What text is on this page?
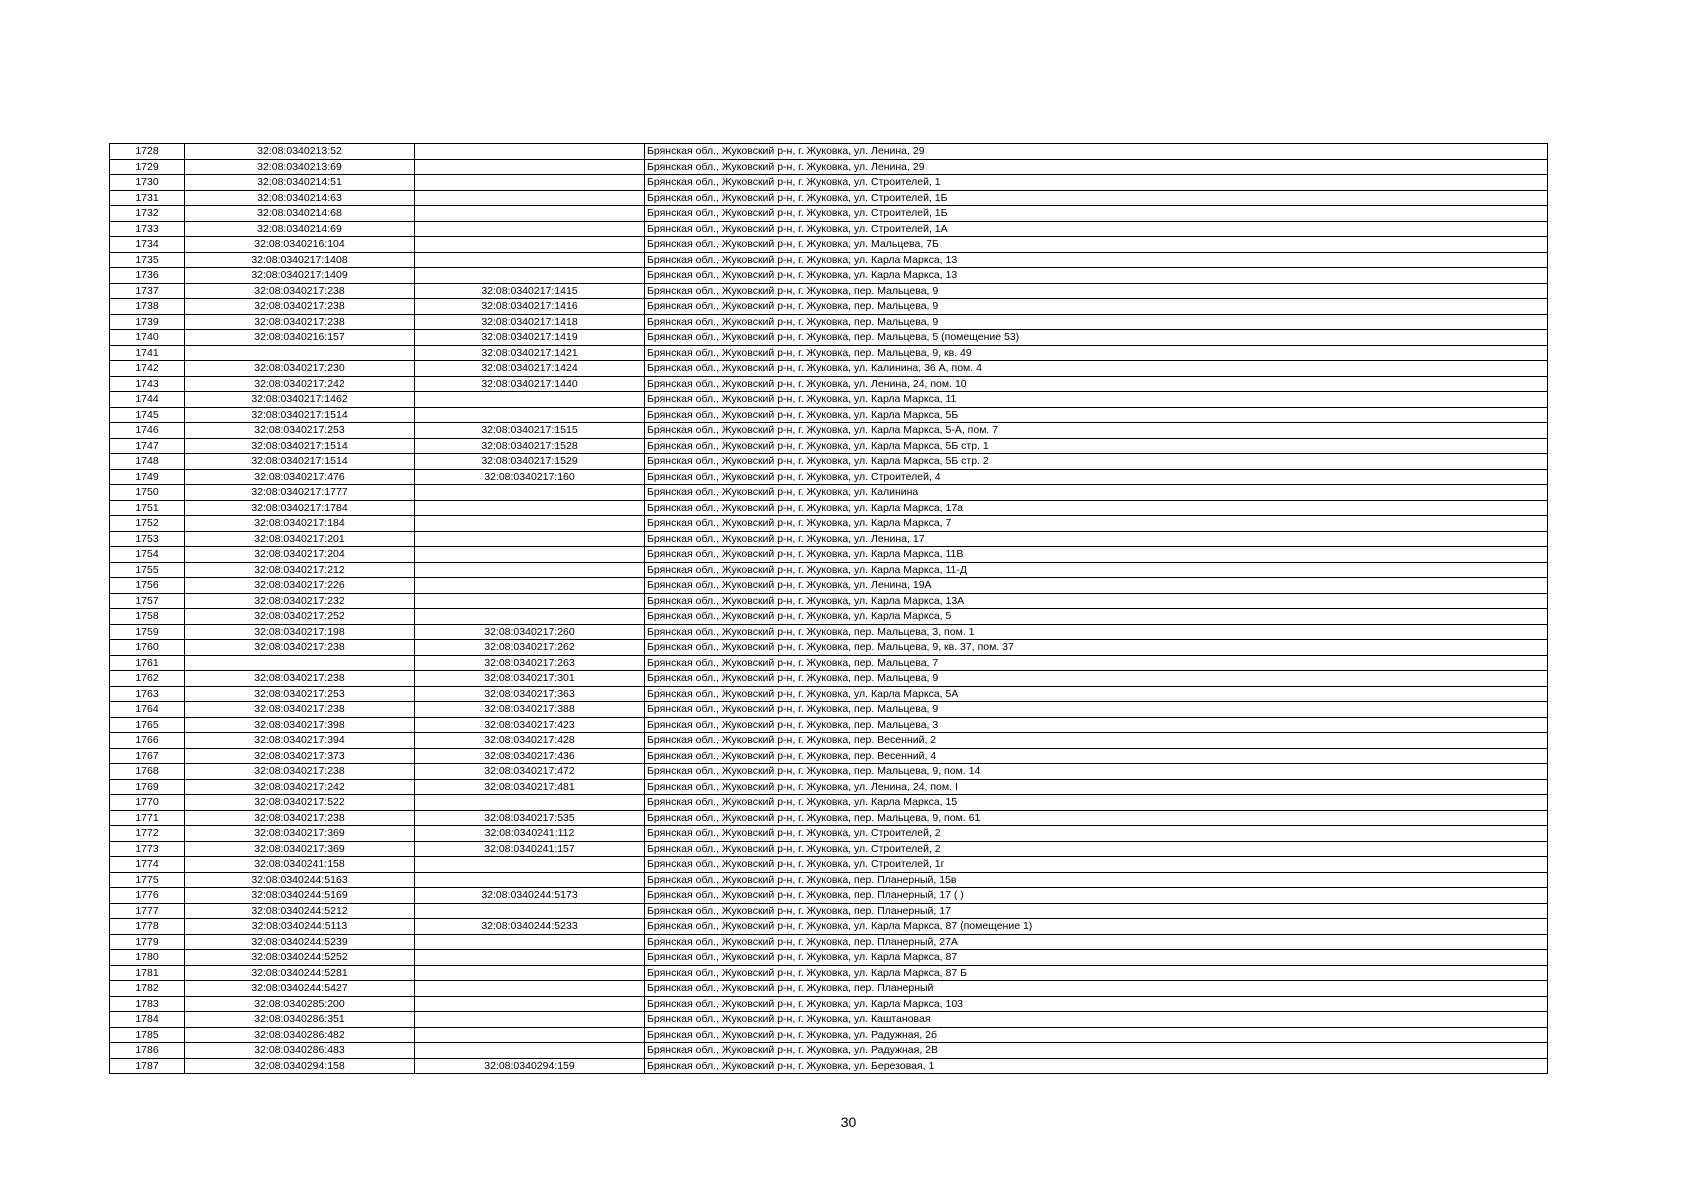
1728	32:08:0340213:52		Брянская обл., Жуковский р-н, г. Жуковка, ул. Ленина, 29
1729	32:08:0340213:69		Брянская обл., Жуковский р-н, г. Жуковка, ул. Ленина, 29
1730	32:08:0340214:51		Брянская обл., Жуковский р-н, г. Жуковка, ул. Строителей, 1
1731	32:08:0340214:63		Брянская обл., Жуковский р-н, г. Жуковка, ул. Строителей, 1Б
1732	32:08:0340214:68		Брянская обл., Жуковский р-н, г. Жуковка, ул. Строителей, 1Б
1733	32:08:0340214:69		Брянская обл., Жуковский р-н, г. Жуковка, ул. Строителей, 1А
1734	32:08:0340216:104		Брянская обл., Жуковский р-н, г. Жуковка, ул. Мальцева, 7Б
1735	32:08:0340217:1408		Брянская обл., Жуковский р-н, г. Жуковка, ул. Карла Маркса, 13
1736	32:08:0340217:1409		Брянская обл., Жуковский р-н, г. Жуковка, ул. Карла Маркса, 13
1737	32:08:0340217:238	32:08:0340217:1415	Брянская обл., Жуковский р-н, г. Жуковка, пер. Мальцева, 9
1738	32:08:0340217:238	32:08:0340217:1416	Брянская обл., Жуковский р-н, г. Жуковка, пер. Мальцева, 9
1739	32:08:0340217:238	32:08:0340217:1418	Брянская обл., Жуковский р-н, г. Жуковка, пер. Мальцева, 9
1740	32:08:0340216:157	32:08:0340217:1419	Брянская обл., Жуковский р-н, г. Жуковка, пер. Мальцева, 5 (помещение 53)
1741		32:08:0340217:1421	Брянская обл., Жуковский р-н, г. Жуковка, пер. Мальцева, 9, кв. 49
1742	32:08:0340217:230	32:08:0340217:1424	Брянская обл., Жуковский р-н, г. Жуковка, ул. Калинина, 36 А, пом. 4
1743	32:08:0340217:242	32:08:0340217:1440	Брянская обл., Жуковский р-н, г. Жуковка, ул. Ленина, 24, пом. 10
1744	32:08:0340217:1462		Брянская обл., Жуковский р-н, г. Жуковка, ул. Карла Маркса, 11
1745	32:08:0340217:1514		Брянская обл., Жуковский р-н, г. Жуковка, ул. Карла Маркса, 5Б
1746	32:08:0340217:253	32:08:0340217:1515	Брянская обл., Жуковский р-н, г. Жуковка, ул. Карла Маркса, 5-А, пом. 7
1747	32:08:0340217:1514	32:08:0340217:1528	Брянская обл., Жуковский р-н, г. Жуковка, ул. Карла Маркса, 5Б стр. 1
1748	32:08:0340217:1514	32:08:0340217:1529	Брянская обл., Жуковский р-н, г. Жуковка, ул. Карла Маркса, 5Б стр. 2
1749	32:08:0340217:476	32:08:0340217:160	Брянская обл., Жуковский р-н, г. Жуковка, ул. Строителей, 4
1750	32:08:0340217:1777		Брянская обл., Жуковский р-н, г. Жуковка, ул. Калинина
1751	32:08:0340217:1784		Брянская обл., Жуковский р-н, г. Жуковка, ул. Карла Маркса, 17а
1752	32:08:0340217:184		Брянская обл., Жуковский р-н, г. Жуковка, ул. Карла Маркса, 7
1753	32:08:0340217:201		Брянская обл., Жуковский р-н, г. Жуковка, ул. Ленина, 17
1754	32:08:0340217:204		Брянская обл., Жуковский р-н, г. Жуковка, ул. Карла Маркса, 11В
1755	32:08:0340217:212		Брянская обл., Жуковский р-н, г. Жуковка, ул. Карла Маркса, 11-Д
1756	32:08:0340217:226		Брянская обл., Жуковский р-н, г. Жуковка, ул. Ленина, 19А
1757	32:08:0340217:232		Брянская обл., Жуковский р-н, г. Жуковка, ул. Карла Маркса, 13А
1758	32:08:0340217:252		Брянская обл., Жуковский р-н, г. Жуковка, ул. Карла Маркса, 5
1759	32:08:0340217:198	32:08:0340217:260	Брянская обл., Жуковский р-н, г. Жуковка, пер. Мальцева, 3, пом. 1
1760	32:08:0340217:238	32:08:0340217:262	Брянская обл., Жуковский р-н, г. Жуковка, пер. Мальцева, 9, кв. 37, пом. 37
1761		32:08:0340217:263	Брянская обл., Жуковский р-н, г. Жуковка, пер. Мальцева, 7
1762	32:08:0340217:238	32:08:0340217:301	Брянская обл., Жуковский р-н, г. Жуковка, пер. Мальцева, 9
1763	32:08:0340217:253	32:08:0340217:363	Брянская обл., Жуковский р-н, г. Жуковка, ул. Карла Маркса, 5А
1764	32:08:0340217:238	32:08:0340217:388	Брянская обл., Жуковский р-н, г. Жуковка, пер. Мальцева, 9
1765	32:08:0340217:398	32:08:0340217:423	Брянская обл., Жуковский р-н, г. Жуковка, пер. Мальцева, 3
1766	32:08:0340217:394	32:08:0340217:428	Брянская обл., Жуковский р-н, г. Жуковка, пер. Весенний, 2
1767	32:08:0340217:373	32:08:0340217:436	Брянская обл., Жуковский р-н, г. Жуковка, пер. Весенний, 4
1768	32:08:0340217:238	32:08:0340217:472	Брянская обл., Жуковский р-н, г. Жуковка, пер. Мальцева, 9, пом. 14
1769	32:08:0340217:242	32:08:0340217:481	Брянская обл., Жуковский р-н, г. Жуковка, ул. Ленина, 24, пом. I
1770	32:08:0340217:522		Брянская обл., Жуковский р-н, г. Жуковка, ул. Карла Маркса, 15
1771	32:08:0340217:238	32:08:0340217:535	Брянская обл., Жуковский р-н, г. Жуковка, пер. Мальцева, 9, пом. 61
1772	32:08:0340217:369	32:08:0340241:112	Брянская обл., Жуковский р-н, г. Жуковка, ул. Строителей, 2
1773	32:08:0340217:369	32:08:0340241:157	Брянская обл., Жуковский р-н, г. Жуковка, ул. Строителей, 2
1774	32:08:0340241:158		Брянская обл., Жуковский р-н, г. Жуковка, ул. Строителей, 1г
1775	32:08:0340244:5163		Брянская обл., Жуковский р-н, г. Жуковка, пер. Планерный, 15в
1776	32:08:0340244:5169	32:08:0340244:5173	Брянская обл., Жуковский р-н, г. Жуковка, пер. Планерный, 17 ( )
1777	32:08:0340244:5212		Брянская обл., Жуковский р-н, г. Жуковка, пер. Планерный, 17
1778	32:08:0340244:5113	32:08:0340244:5233	Брянская обл., Жуковский р-н, г. Жуковка, ул. Карла Маркса, 87 (помещение 1)
1779	32:08:0340244:5239		Брянская обл., Жуковский р-н, г. Жуковка, пер. Планерный, 27А
1780	32:08:0340244:5252		Брянская обл., Жуковский р-н, г. Жуковка, ул. Карла Маркса, 87
1781	32:08:0340244:5281		Брянская обл., Жуковский р-н, г. Жуковка, ул. Карла Маркса, 87 Б
1782	32:08:0340244:5427		Брянская обл., Жуковский р-н, г. Жуковка, пер. Планерный
1783	32:08:0340285:200		Брянская обл., Жуковский р-н, г. Жуковка, ул. Карла Маркса, 103
1784	32:08:0340286:351		Брянская обл., Жуковский р-н, г. Жуковка, ул. Каштановая
1785	32:08:0340286:482		Брянская обл., Жуковский р-н, г. Жуковка, ул. Радужная, 2б
1786	32:08:0340286:483		Брянская обл., Жуковский р-н, г. Жуковка, ул. Радужная, 2В
1787	32:08:0340294:158	32:08:0340294:159	Брянская обл., Жуковский р-н, г. Жуковка, ул. Березовая, 1
30
